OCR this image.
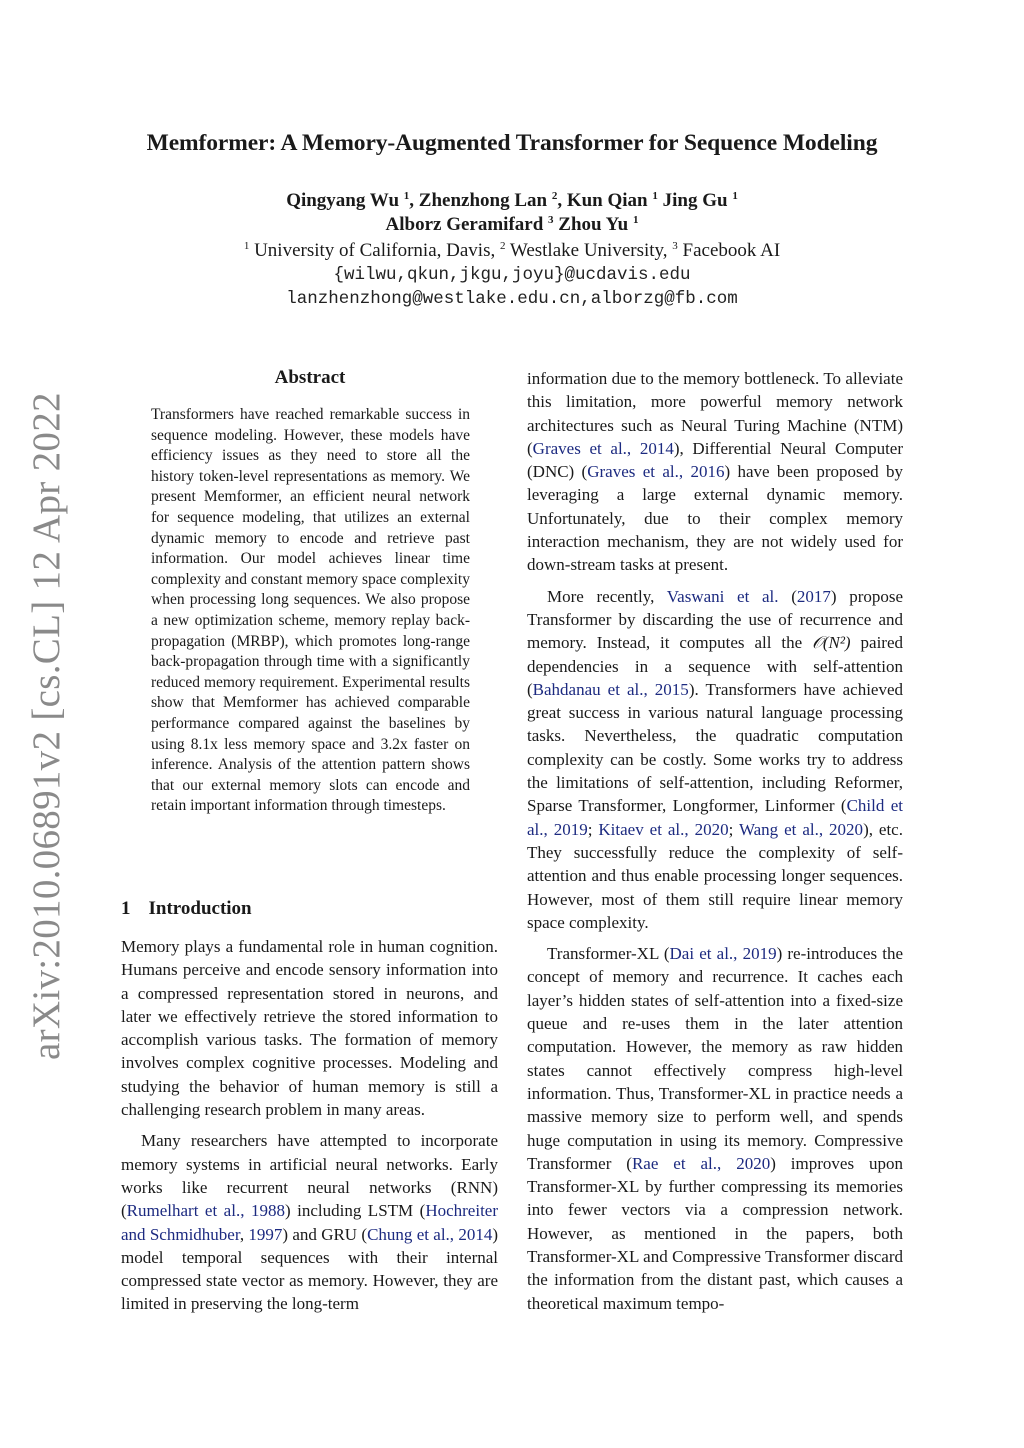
Memformer: A Memory-Augmented Transformer for Sequence Modeling
Qingyang Wu $^1$, Zhenzhong Lan $^2$, Kun Qian $^1$ Jing Gu $^1$
Alborz Geramifard $^3$ Zhou Yu $^1$
$^1$ University of California, Davis, $^2$ Westlake University, $^3$ Facebook AI
{wilwu,qkun,jkgu,joyu}@ucdavis.edu
lanzhenzhong@westlake.edu.cn,alborzg@fb.com
arXiv:2010.06891v2 [cs.CL] 12 Apr 2022
Abstract

Transformers have reached remarkable success in sequence modeling. However, these models have efficiency issues as they need to store all the history token-level representations as memory. We present Memformer, an efficient neural network for sequence modeling, that utilizes an external dynamic memory to encode and retrieve past information. Our model achieves linear time complexity and constant memory space complexity when processing long sequences. We also propose a new optimization scheme, memory replay back-propagation (MRBP), which promotes long-range back-propagation through time with a significantly reduced memory requirement. Experimental results show that Memformer has achieved comparable performance compared against the baselines by using 8.1x less memory space and 3.2x faster on inference. Analysis of the attention pattern shows that our external memory slots can encode and retain important information through timesteps.

1 Introduction

Memory plays a fundamental role in human cognition. Humans perceive and encode sensory information into a compressed representation stored in neurons, and later we effectively retrieve the stored information to accomplish various tasks. The formation of memory involves complex cognitive processes. Modeling and studying the behavior of human memory is still a challenging research problem in many areas.

Many researchers have attempted to incorporate memory systems in artificial neural networks. Early works like recurrent neural networks (RNN) (Rumelhart et al., 1988) including LSTM (Hochreiter and Schmidhuber, 1997) and GRU (Chung et al., 2014) model temporal sequences with their internal compressed state vector as memory. However, they are limited in preserving the long-term

information due to the memory bottleneck. To alleviate this limitation, more powerful memory network architectures such as Neural Turing Machine (NTM) (Graves et al., 2014), Differential Neural Computer (DNC) (Graves et al., 2016) have been proposed by leveraging a large external dynamic memory. Unfortunately, due to their complex memory interaction mechanism, they are not widely used for down-stream tasks at present.

More recently, Vaswani et al. (2017) propose Transformer by discarding the use of recurrence and memory. Instead, it computes all the 𝒪(N²) paired dependencies in a sequence with self-attention (Bahdanau et al., 2015). Transformers have achieved great success in various natural language processing tasks. Nevertheless, the quadratic computation complexity can be costly. Some works try to address the limitations of self-attention, including Reformer, Sparse Transformer, Longformer, Linformer (Child et al., 2019; Kitaev et al., 2020; Wang et al., 2020), etc. They successfully reduce the complexity of self-attention and thus enable processing longer sequences. However, most of them still require linear memory space complexity.

Transformer-XL (Dai et al., 2019) re-introduces the concept of memory and recurrence. It caches each layer’s hidden states of self-attention into a fixed-size queue and re-uses them in the later attention computation. However, the memory as raw hidden states cannot effectively compress high-level information. Thus, Transformer-XL in practice needs a massive memory size to perform well, and spends huge computation in using its memory. Compressive Transformer (Rae et al., 2020) improves upon Transformer-XL by further compressing its memories into fewer vectors via a compression network. However, as mentioned in the papers, both Transformer-XL and Compressive Transformer discard the information from the distant past, which causes a theoretical maximum tempo-
